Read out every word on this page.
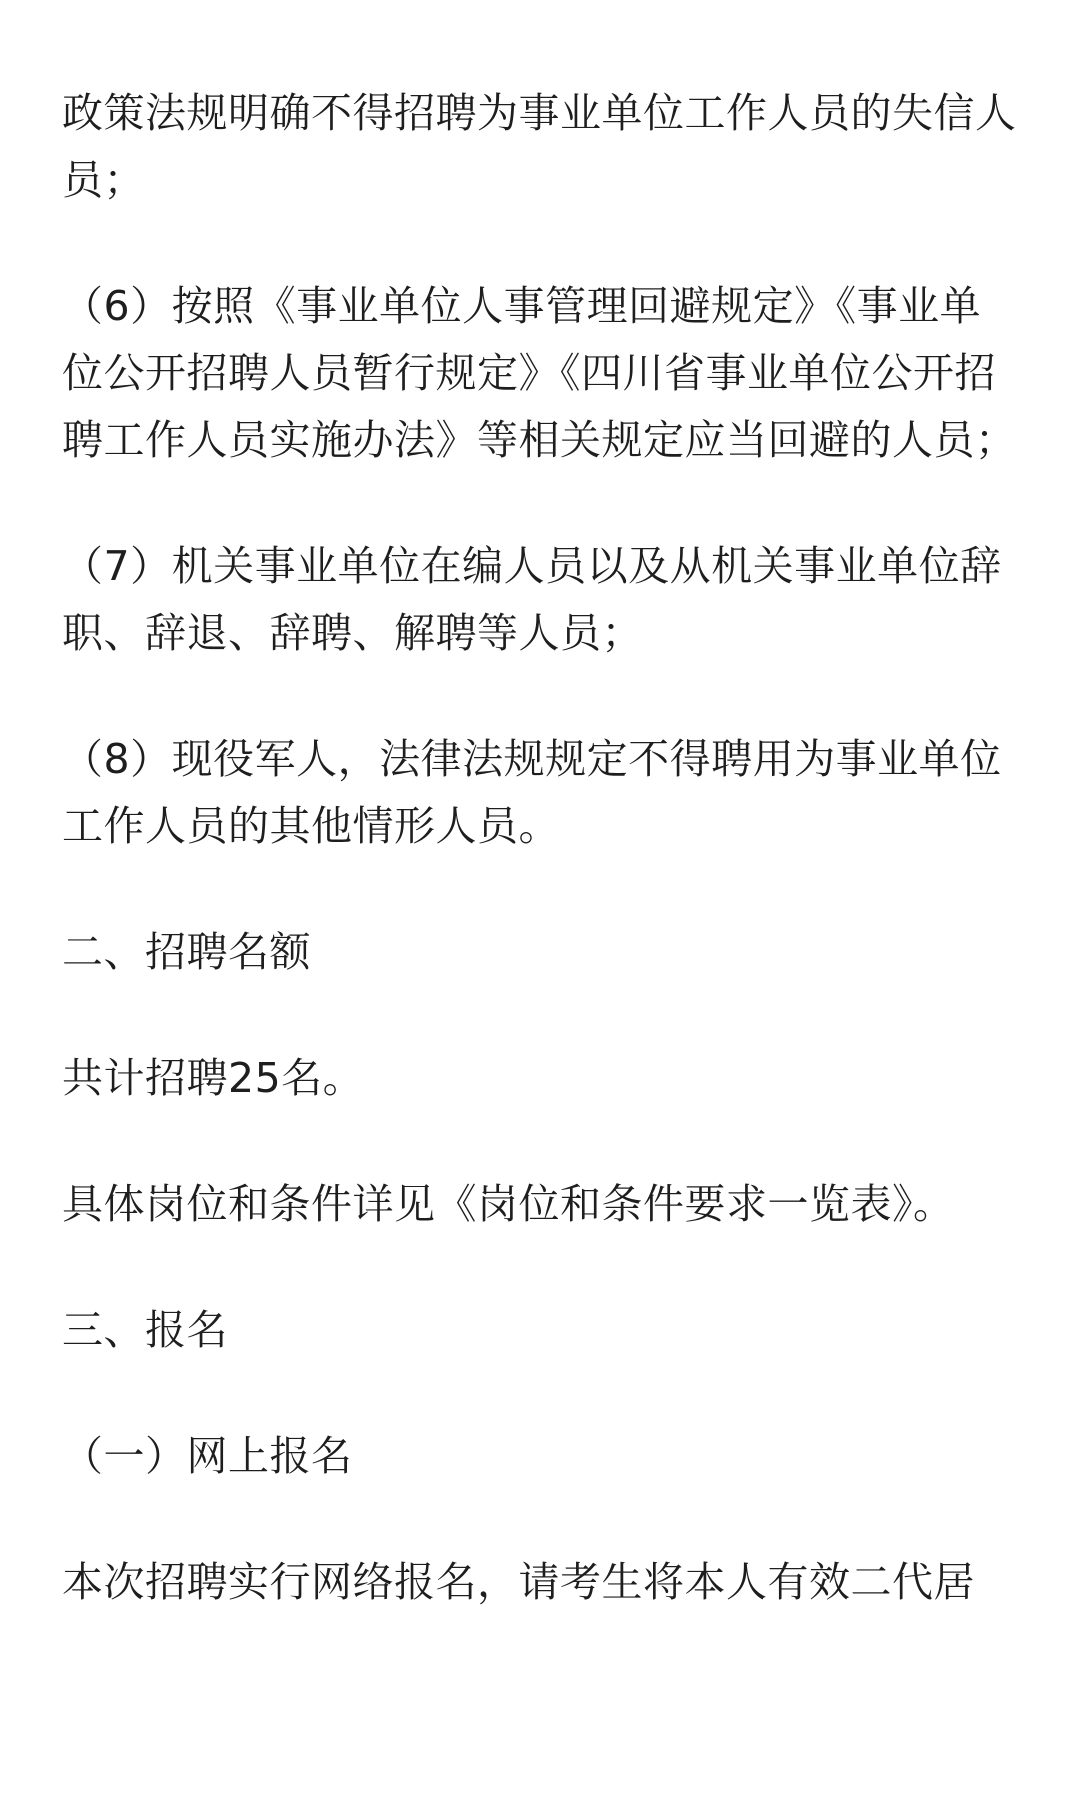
政策法规明确不得招聘为事业单位工作人员的失信人员；

（6）按照《事业单位人事管理回避规定》《事业单位公开招聘人员暂行规定》《四川省事业单位公开招聘工作人员实施办法》等相关规定应当回避的人员；

（7）机关事业单位在编人员以及从机关事业单位辞职、辞退、辞聘、解聘等人员；

（8）现役军人，法律法规规定不得聘用为事业单位工作人员的其他情形人员。

二、招聘名额

共计招聘25名。

具体岗位和条件详见《岗位和条件要求一览表》。

三、报名

（一）网上报名

本次招聘实行网络报名，请考生将本人有效二代居
